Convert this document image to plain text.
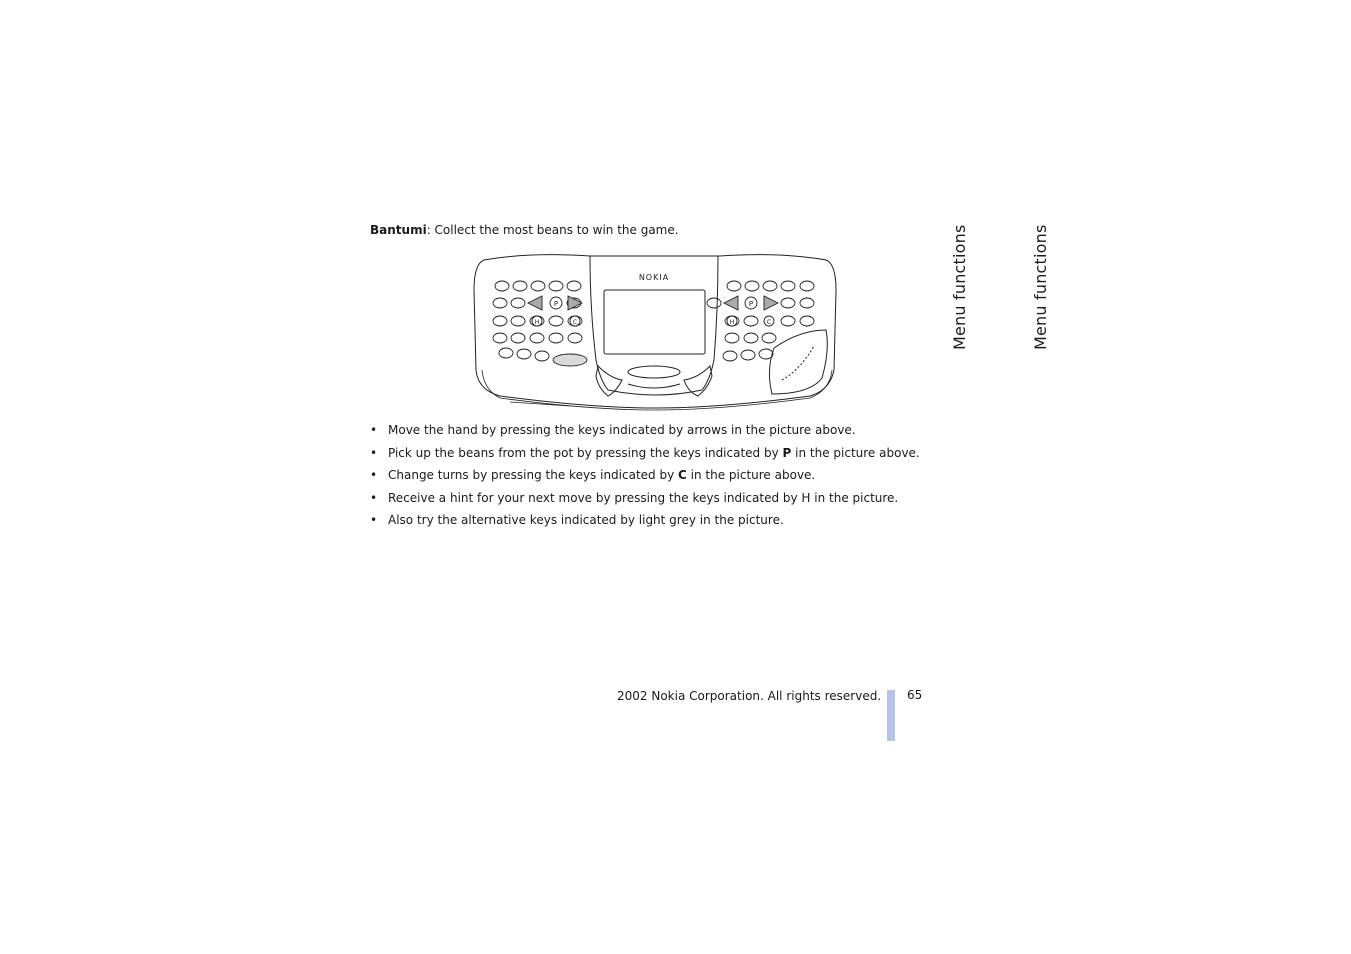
Bantumi: Collect the most beans to win the game.
NOKIA
P
H	C
P
H	C
• Move the hand by pressing the keys indicated by arrows in the picture above.
• Pick up the beans from the pot by pressing the keys indicated by P in the picture above.
• Change turns by pressing the keys indicated by C in the picture above.
• Receive a hint for your next move by pressing the keys indicated by H in the picture.
• Also try the alternative keys indicated by light grey in the picture.
Menu functions	Menu functions
2002 Nokia Corporation. All rights reserved. 65
